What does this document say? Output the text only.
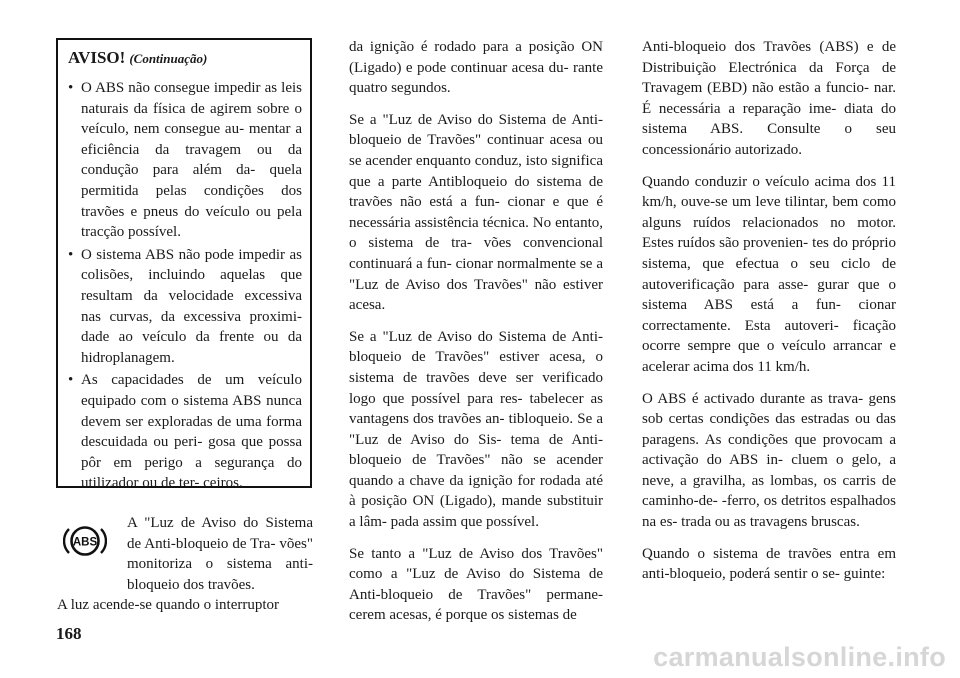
AVISO! (Continuação)

• O ABS não consegue impedir as leis naturais da física de agirem sobre o veículo, nem consegue au- mentar a eficiência da travagem ou da condução para além da- quela permitida pelas condições dos travões e pneus do veículo ou pela tracção possível.
• O sistema ABS não pode impedir as colisões, incluindo aquelas que resultam da velocidade excessiva nas curvas, da excessiva proximi- dade ao veículo da frente ou da hidroplanagem.
• As capacidades de um veículo equipado com o sistema ABS nunca devem ser exploradas de uma forma descuidada ou peri- gosa que possa pôr em perigo a segurança do utilizador ou de ter- ceiros.
ABS

A "Luz de Aviso do Sistema de Anti-bloqueio de Tra- vões" monitoriza o sistema anti-bloqueio dos travões.
A luz acende-se quando o interruptor

da ignição é rodado para a posição ON (Ligado) e pode continuar acesa du- rante quatro segundos.

Se a "Luz de Aviso do Sistema de Anti-bloqueio de Travões" continuar acesa ou se acender enquanto conduz, isto significa que a parte Antibloqueio do sistema de travões não está a fun- cionar e que é necessária assistência técnica. No entanto, o sistema de tra- vões convencional continuará a fun- cionar normalmente se a "Luz de Aviso dos Travões" não estiver acesa.

Se a "Luz de Aviso do Sistema de Anti-bloqueio de Travões" estiver acesa, o sistema de travões deve ser verificado logo que possível para res- tabelecer as vantagens dos travões an- tibloqueio. Se a "Luz de Aviso do Sis- tema de Anti-bloqueio de Travões" não se acender quando a chave da ignição for rodada até à posição ON (Ligado), mande substituir a lâm- pada assim que possível.

Se tanto a "Luz de Aviso dos Travões" como a "Luz de Aviso do Sistema de Anti-bloqueio de Travões" permane- cerem acesas, é porque os sistemas de

Anti-bloqueio dos Travões (ABS) e de Distribuição Electrónica da Força de Travagem (EBD) não estão a funcio- nar. É necessária a reparação ime- diata do sistema ABS. Consulte o seu concessionário autorizado.

Quando conduzir o veículo acima dos 11 km/h, ouve-se um leve tilintar, bem como alguns ruídos relacionados no motor. Estes ruídos são provenien- tes do próprio sistema, que efectua o seu ciclo de autoverificação para asse- gurar que o sistema ABS está a fun- cionar correctamente. Esta autoveri- ficação ocorre sempre que o veículo arrancar e acelerar acima dos 11 km/h.

O ABS é activado durante as trava- gens sob certas condições das estradas ou das paragens. As condições que provocam a activação do ABS in- cluem o gelo, a neve, a gravilha, as lombas, os carris de caminho-de- -ferro, os detritos espalhados na es- trada ou as travagens bruscas.

Quando o sistema de travões entra em anti-bloqueio, poderá sentir o se- guinte:

168

carmanualsonline.info
